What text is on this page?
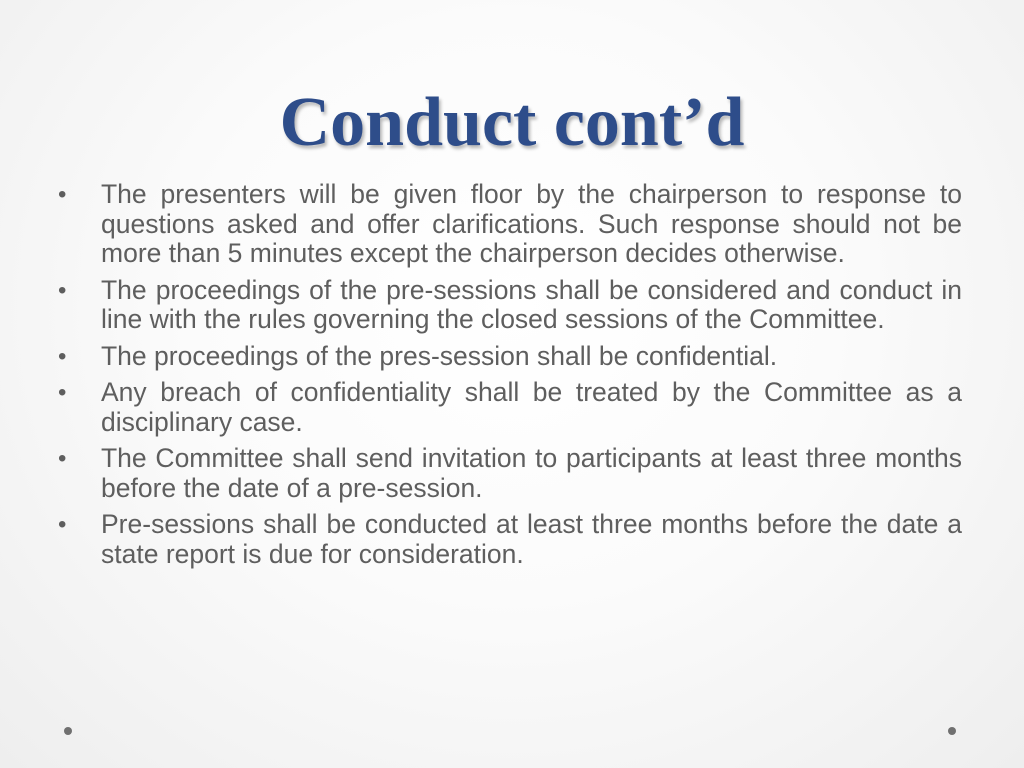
Conduct cont’d
•	The presenters will be given floor by the chairperson to response to questions asked and offer clarifications. Such response should not be more than 5 minutes except the chairperson decides otherwise.
•	The proceedings of the pre-sessions shall be considered and conduct in line with the rules governing the closed sessions of the Committee.
•	The proceedings of the pres-session shall be confidential.
•	Any breach of confidentiality shall be treated by the Committee as a disciplinary case.
•	The Committee shall send invitation to participants at least three months before the date of a pre-session.
•	Pre-sessions shall be conducted at least three months before the date a state report is due for consideration.
